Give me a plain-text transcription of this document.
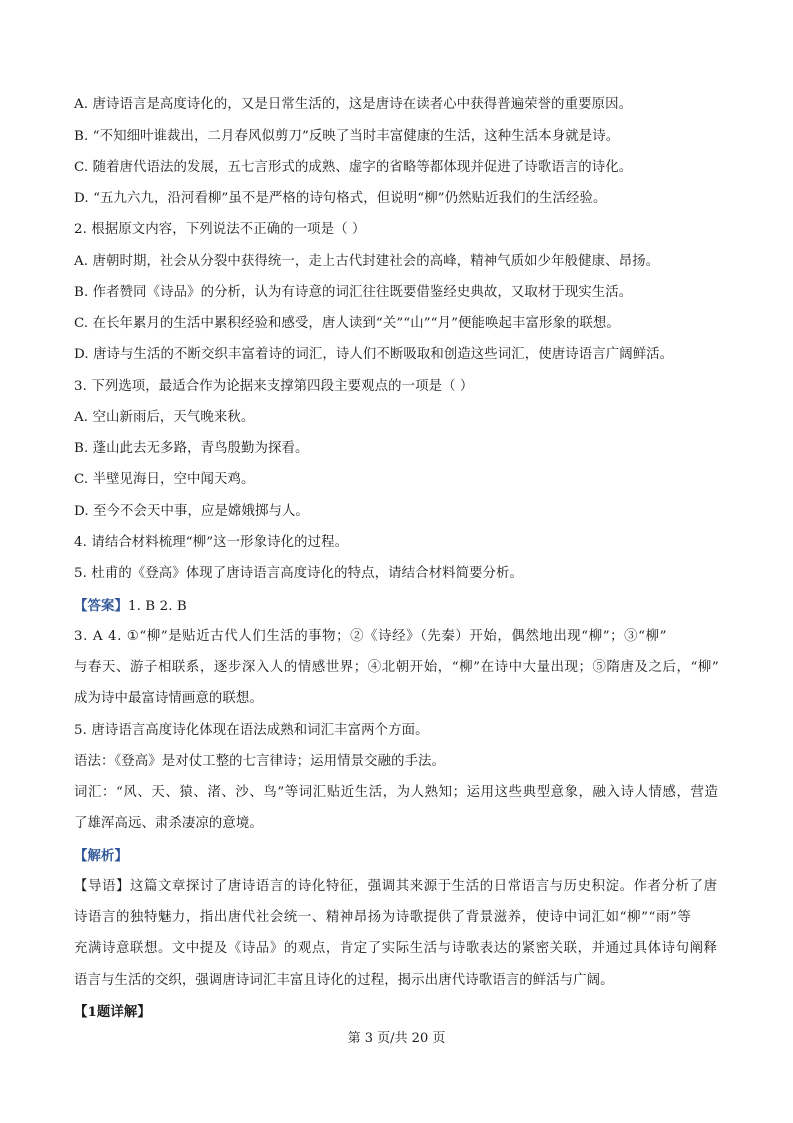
A. 唐诗语言是高度诗化的，又是日常生活的，这是唐诗在读者心中获得普遍荣誉的重要原因。
B. “不知细叶谁裁出，二月春风似剪刀”反映了当时丰富健康的生活，这种生活本身就是诗。
C. 随着唐代语法的发展，五七言形式的成熟、虚字的省略等都体现并促进了诗歌语言的诗化。
D. “五九六九，沿河看柳”虽不是严格的诗句格式，但说明“柳”仍然贴近我们的生活经验。
2. 根据原文内容，下列说法不正确的一项是（ ）
A. 唐朝时期，社会从分裂中获得统一，走上古代封建社会的高峰，精神气质如少年般健康、昂扬。
B. 作者赞同《诗品》的分析，认为有诗意的词汇往往既要借鉴经史典故，又取材于现实生活。
C. 在长年累月的生活中累积经验和感受，唐人读到“关”“山”“月”便能唤起丰富形象的联想。
D. 唐诗与生活的不断交织丰富着诗的词汇，诗人们不断吸取和创造这些词汇，使唐诗语言广阔鲜活。
3. 下列选项，最适合作为论据来支撑第四段主要观点的一项是（ ）
A. 空山新雨后，天气晚来秋。
B. 蓬山此去无多路，青鸟殷勤为探看。
C. 半壁见海日，空中闻天鸡。
D. 至今不会天中事，应是嫦娥掷与人。
4. 请结合材料梳理“柳”这一形象诗化的过程。
5. 杜甫的《登高》体现了唐诗语言高度诗化的特点，请结合材料简要分析。
【答案】1. B 2. B
3. A 4. ①“柳”是贴近古代人们生活的事物；②《诗经》（先秦）开始，偶然地出现“柳”；③“柳”
与春天、游子相联系，逐步深入人的情感世界；④北朝开始，“柳”在诗中大量出现；⑤隋唐及之后，“柳”
成为诗中最富诗情画意的联想。
5. 唐诗语言高度诗化体现在语法成熟和词汇丰富两个方面。
语法：《登高》是对仗工整的七言律诗；运用情景交融的手法。
词汇：“风、天、猿、渚、沙、鸟”等词汇贴近生活，为人熟知；运用这些典型意象，融入诗人情感，营造
了雄浑高远、肃杀凄凉的意境。
【解析】
【导语】这篇文章探讨了唐诗语言的诗化特征，强调其来源于生活的日常语言与历史积淀。作者分析了唐
诗语言的独特魅力，指出唐代社会统一、精神昂扬为诗歌提供了背景滋养，使诗中词汇如“柳”“雨”等
充满诗意联想。文中提及《诗品》的观点，肯定了实际生活与诗歌表达的紧密关联，并通过具体诗句阐释
语言与生活的交织，强调唐诗词汇丰富且诗化的过程，揭示出唐代诗歌语言的鲜活与广阔。
【1题详解】
第 3 页/共 20 页
